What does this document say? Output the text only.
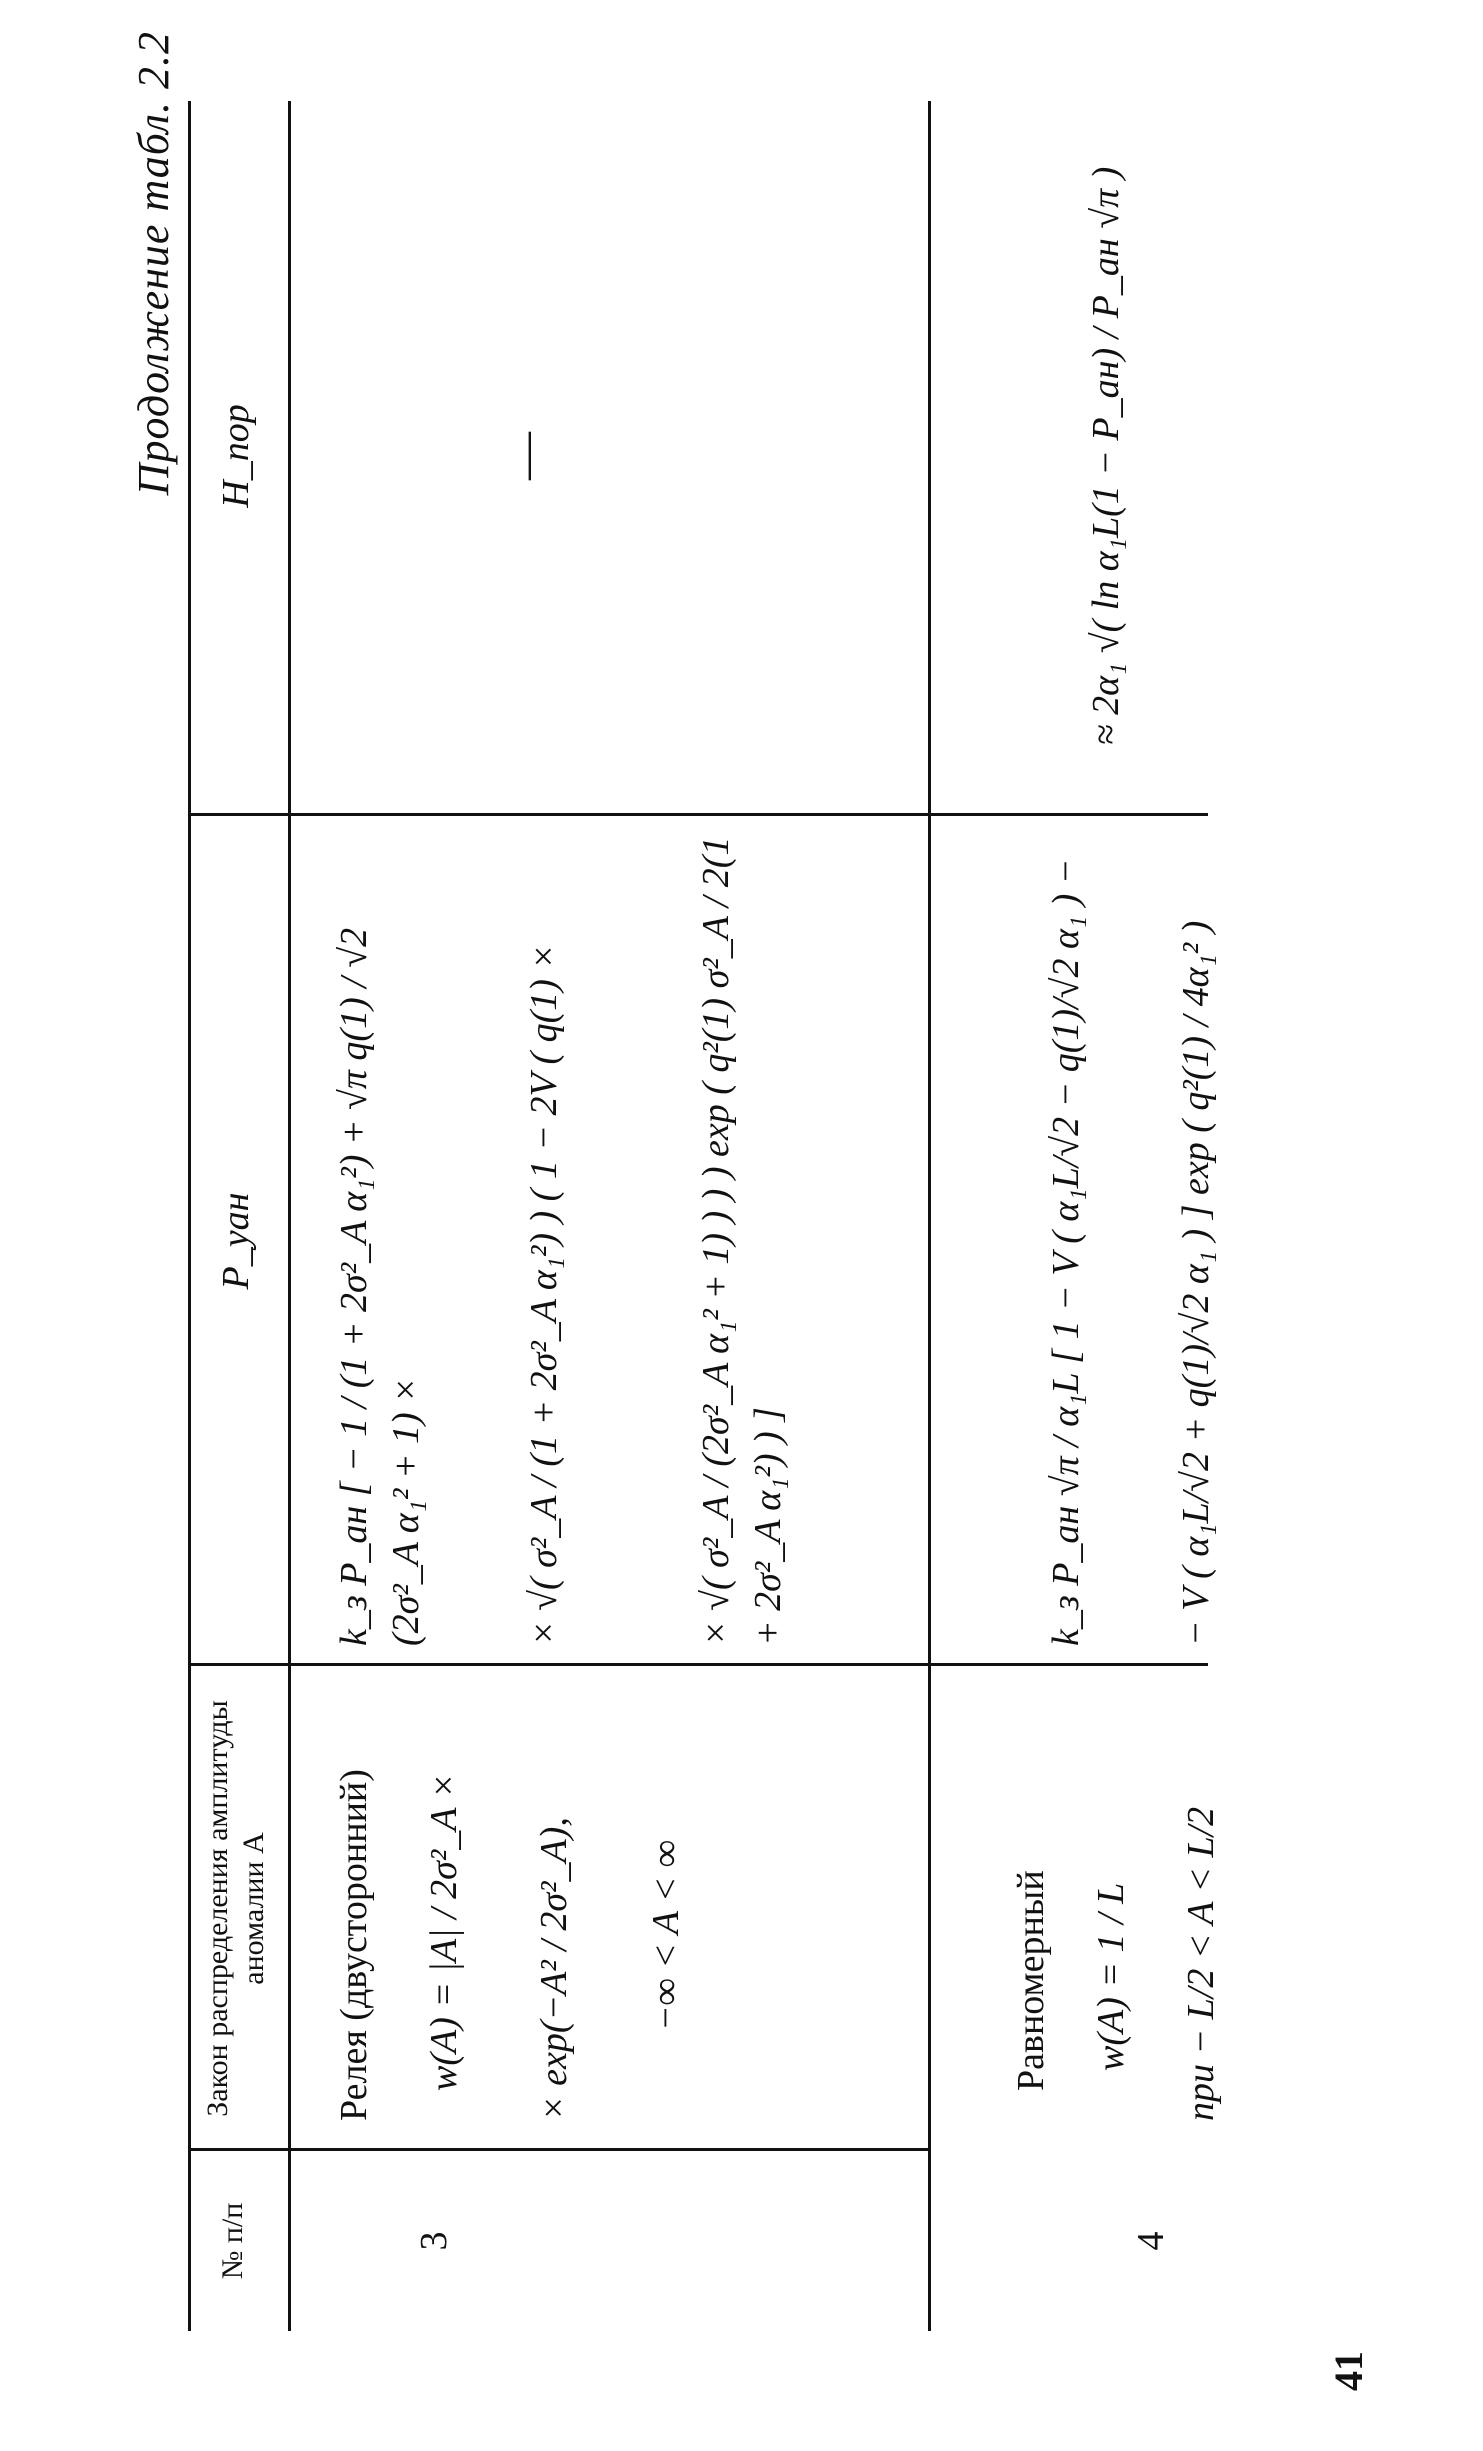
Продолжение табл. 2.2
№ п/п
Закон распределения амплитуды аномалии A
P_yан
H_пор
3
Релея (двусторонний) w(A) = |A| / 2σ²_A × × exp(−A² / 2σ²_A), −∞ < A < ∞
k_з P_ан [ − 1 / (1 + 2σ²_A α₁²) + √π q(1) / √2 (2σ²_A α₁² + 1) ×	× √( σ²_A / (1 + 2σ²_A α₁²) ) ( 1 − 2V ( q(1) ×	× √( σ²_A / (2σ²_A α₁² + 1) ) ) ) exp ( q²(1) σ²_A / 2(1 + 2σ²_A α₁²) ) ]
—
4
Равномерный w(A) = 1 / L при − L/2 < A < L/2
k_з P_ан √π / α₁L [ 1 − V ( α₁L/√2 − q(1)/√2 α₁ ) − − V ( α₁L/√2 + q(1)/√2 α₁ ) ] exp ( q²(1) / 4α₁² )
≈ 2α₁ √( ln α₁L(1 − P_ан) / P_ан √π )
41
